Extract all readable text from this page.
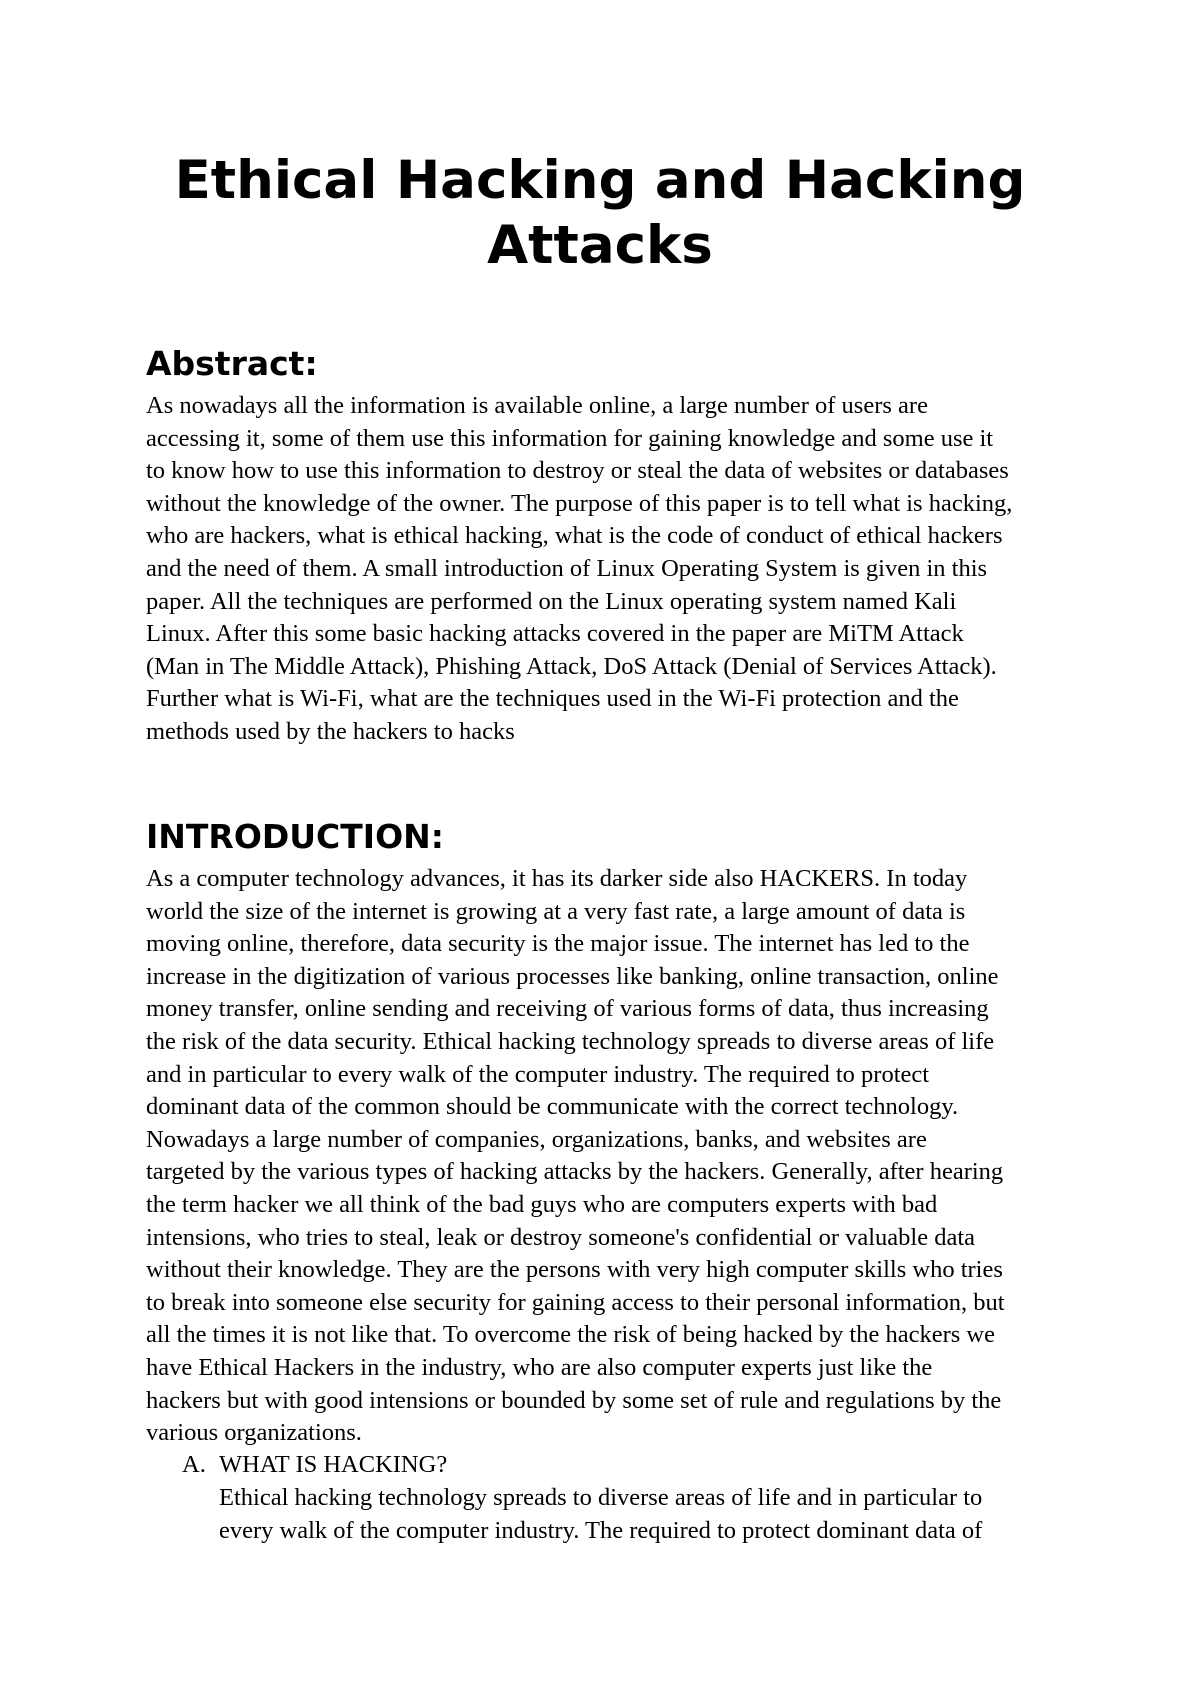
Ethical Hacking and Hacking
Attacks
Abstract:

As nowadays all the information is available online, a large number of users are
accessing it, some of them use this information for gaining knowledge and some use it
to know how to use this information to destroy or steal the data of websites or databases
without the knowledge of the owner. The purpose of this paper is to tell what is hacking,
who are hackers, what is ethical hacking, what is the code of conduct of ethical hackers
and the need of them. A small introduction of Linux Operating System is given in this
paper. All the techniques are performed on the Linux operating system named Kali
Linux. After this some basic hacking attacks covered in the paper are MiTM Attack
(Man in The Middle Attack), Phishing Attack, DoS Attack (Denial of Services Attack).
Further what is Wi-Fi, what are the techniques used in the Wi-Fi protection and the
methods used by the hackers to hacks

INTRODUCTION:

As a computer technology advances, it has its darker side also HACKERS. In today
world the size of the internet is growing at a very fast rate, a large amount of data is
moving online, therefore, data security is the major issue. The internet has led to the
increase in the digitization of various processes like banking, online transaction, online
money transfer, online sending and receiving of various forms of data, thus increasing
the risk of the data security. Ethical hacking technology spreads to diverse areas of life
and in particular to every walk of the computer industry. The required to protect
dominant data of the common should be communicate with the correct technology.
Nowadays a large number of companies, organizations, banks, and websites are
targeted by the various types of hacking attacks by the hackers. Generally, after hearing
the term hacker we all think of the bad guys who are computers experts with bad
intensions, who tries to steal, leak or destroy someone's confidential or valuable data
without their knowledge. They are the persons with very high computer skills who tries
to break into someone else security for gaining access to their personal information, but
all the times it is not like that. To overcome the risk of being hacked by the hackers we
have Ethical Hackers in the industry, who are also computer experts just like the
hackers but with good intensions or bounded by some set of rule and regulations by the
various organizations.

A. WHAT IS HACKING?

Ethical hacking technology spreads to diverse areas of life and in particular to
every walk of the computer industry. The required to protect dominant data of
